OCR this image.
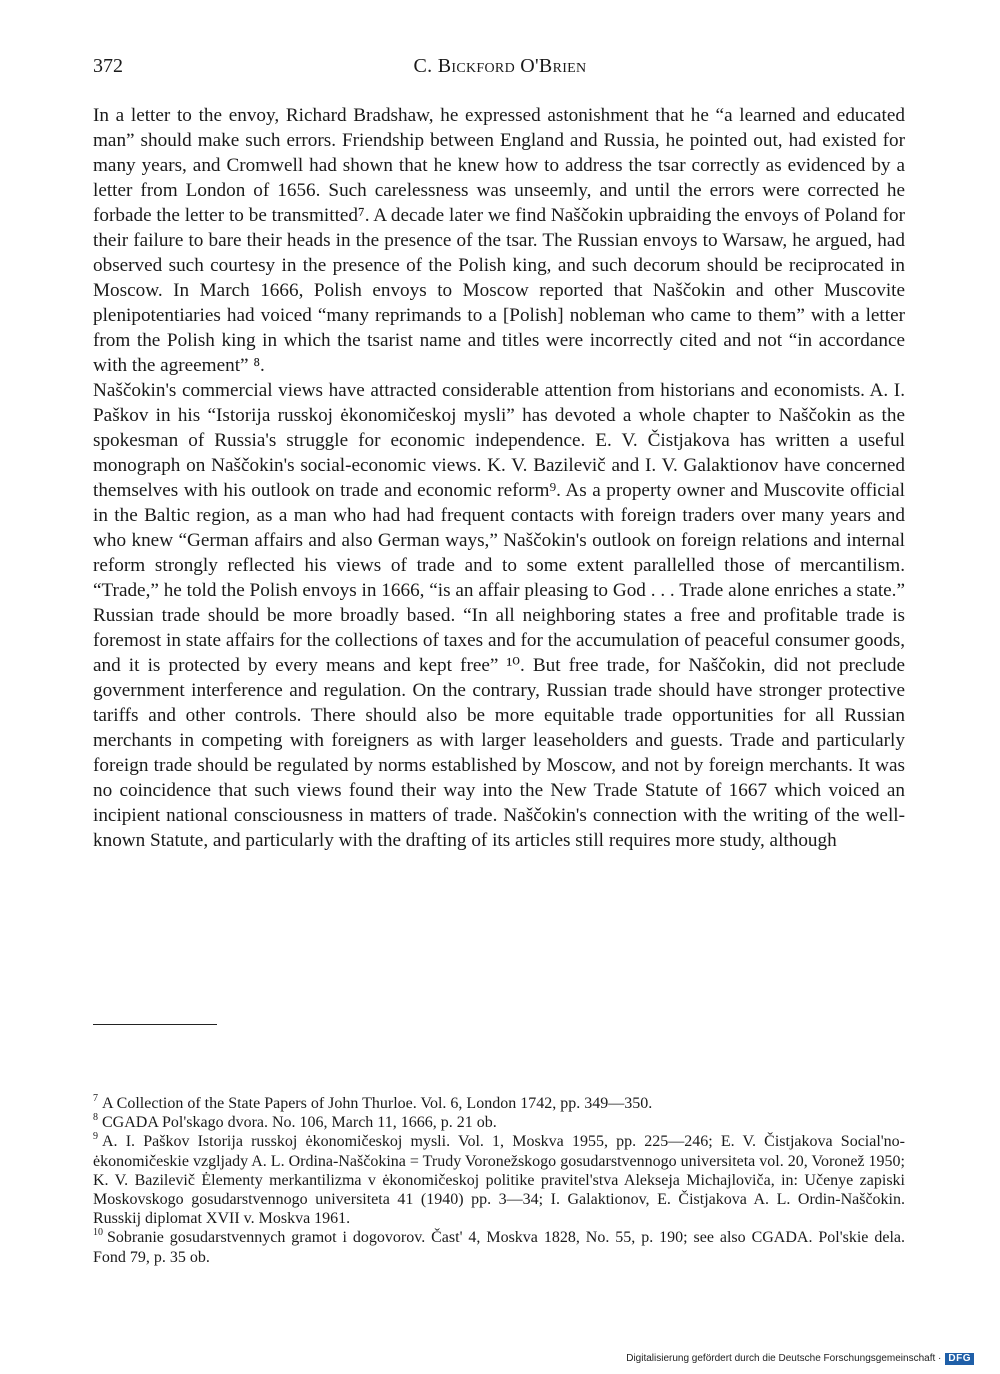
372	C. Bickford O'Brien

In a letter to the envoy, Richard Bradshaw, he expressed astonishment that he “a learned and educated man” should make such errors. Friendship between England and Russia, he pointed out, had existed for many years, and Cromwell had shown that he knew how to address the tsar correctly as evidenced by a letter from London of 1656. Such carelessness was unseemly, and until the errors were corrected he forbade the letter to be transmitted⁷. A decade later we find Naščokin upbraiding the envoys of Poland for their failure to bare their heads in the presence of the tsar. The Russian envoys to Warsaw, he argued, had observed such courtesy in the presence of the Polish king, and such decorum should be reciprocated in Moscow. In March 1666, Polish envoys to Moscow reported that Naščokin and other Muscovite plenipotentiaries had voiced “many reprimands to a [Polish] nobleman who came to them” with a letter from the Polish king in which the tsarist name and titles were incorrectly cited and not “in accordance with the agreement” ⁸.

Naščokin's commercial views have attracted considerable attention from historians and economists. A. I. Paškov in his “Istorija russkoj ėkonomičeskoj mysli” has devoted a whole chapter to Naščokin as the spokesman of Russia's struggle for economic independence. E. V. Čistjakova has written a useful monograph on Naščokin's social-economic views. K. V. Bazilevič and I. V. Galaktionov have concerned themselves with his outlook on trade and economic reform⁹. As a property owner and Muscovite official in the Baltic region, as a man who had had frequent contacts with foreign traders over many years and who knew “German affairs and also German ways,” Naščokin's outlook on foreign relations and internal reform strongly reflected his views of trade and to some extent parallelled those of mercantilism. “Trade,” he told the Polish envoys in 1666, “is an affair pleasing to God . . . Trade alone enriches a state.” Russian trade should be more broadly based. “In all neighboring states a free and profitable trade is foremost in state affairs for the collections of taxes and for the accumulation of peaceful consumer goods, and it is protected by every means and kept free” ¹⁰. But free trade, for Naščokin, did not preclude government interference and regulation. On the contrary, Russian trade should have stronger protective tariffs and other controls. There should also be more equitable trade opportunities for all Russian merchants in competing with foreigners as with larger leaseholders and guests. Trade and particularly foreign trade should be regulated by norms established by Moscow, and not by foreign merchants. It was no coincidence that such views found their way into the New Trade Statute of 1667 which voiced an incipient national consciousness in matters of trade. Naščokin's connection with the writing of the well-known Statute, and particularly with the drafting of its articles still requires more study, although

$^7$ A Collection of the State Papers of John Thurloe. Vol. 6, London 1742, pp. 349—350.

$^8$ CGADA Pol'skago dvora. No. 106, March 11, 1666, p. 21 ob.

$^9$ A. I. Paškov Istorija russkoj ėkonomičeskoj mysli. Vol. 1, Moskva 1955, pp. 225—246; E. V. Čistjakova Social'no-ėkonomičeskie vzgljady A. L. Ordina-Naščokina = Trudy Voronežskogo gosudarstvennogo universiteta vol. 20, Voronež 1950; K. V. Bazilevič Ėlementy merkantilizma v ėkonomičeskoj politike pravitel'stva Alekseja Michajloviča, in: Učenye zapiski Moskovskogo gosudarstvennogo universiteta 41 (1940) pp. 3—34; I. Galaktionov, E. Čistjakova A. L. Ordin-Naščokin. Russkij diplomat XVII v. Moskva 1961.

$^{10}$ Sobranie gosudarstvennych gramot i dogovorov. Čast' 4, Moskva 1828, No. 55, p. 190; see also CGADA. Pol'skie dela. Fond 79, p. 35 ob.

Digitalisierung gefördert durch die Deutsche Forschungsgemeinschaft · DFG
